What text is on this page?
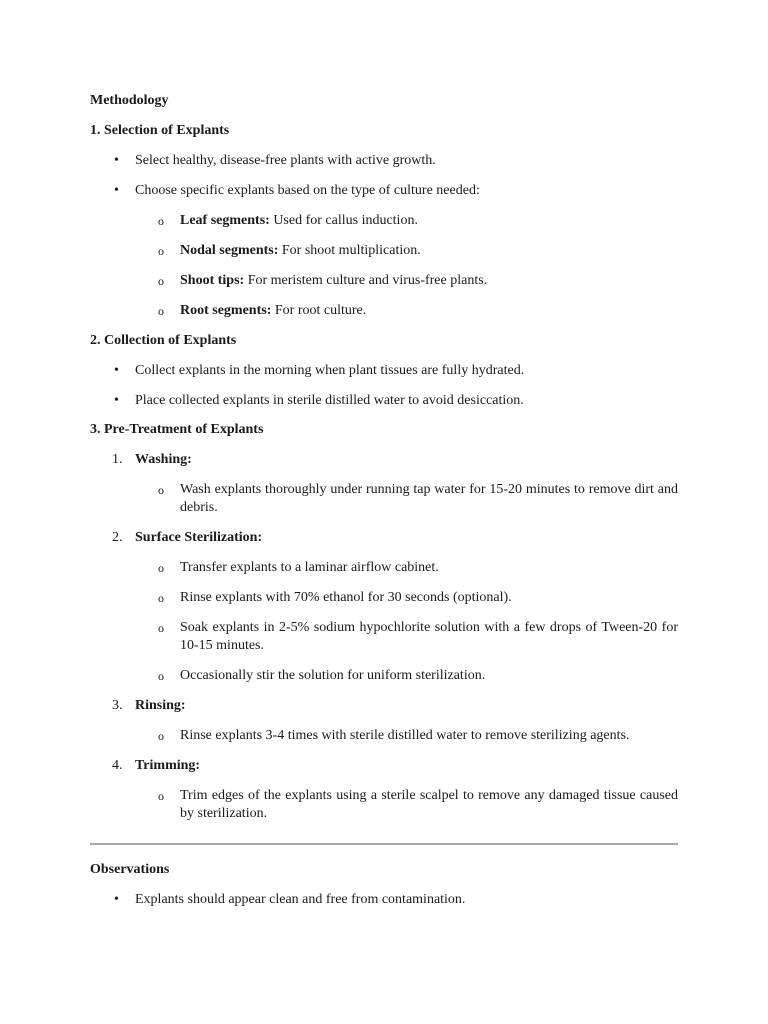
Methodology

1. Selection of Explants

• Select healthy, disease-free plants with active growth.
• Choose specific explants based on the type of culture needed:
o Leaf segments: Used for callus induction.
o Nodal segments: For shoot multiplication.
o Shoot tips: For meristem culture and virus-free plants.
o Root segments: For root culture.

2. Collection of Explants

• Collect explants in the morning when plant tissues are fully hydrated.
• Place collected explants in sterile distilled water to avoid desiccation.

3. Pre-Treatment of Explants

1. Washing:
o Wash explants thoroughly under running tap water for 15-20 minutes to remove dirt and debris.
2. Surface Sterilization:
o Transfer explants to a laminar airflow cabinet.
o Rinse explants with 70% ethanol for 30 seconds (optional).
o Soak explants in 2-5% sodium hypochlorite solution with a few drops of Tween-20 for 10-15 minutes.
o Occasionally stir the solution for uniform sterilization.
3. Rinsing:
o Rinse explants 3-4 times with sterile distilled water to remove sterilizing agents.
4. Trimming:
o Trim edges of the explants using a sterile scalpel to remove any damaged tissue caused by sterilization.

Observations

• Explants should appear clean and free from contamination.
